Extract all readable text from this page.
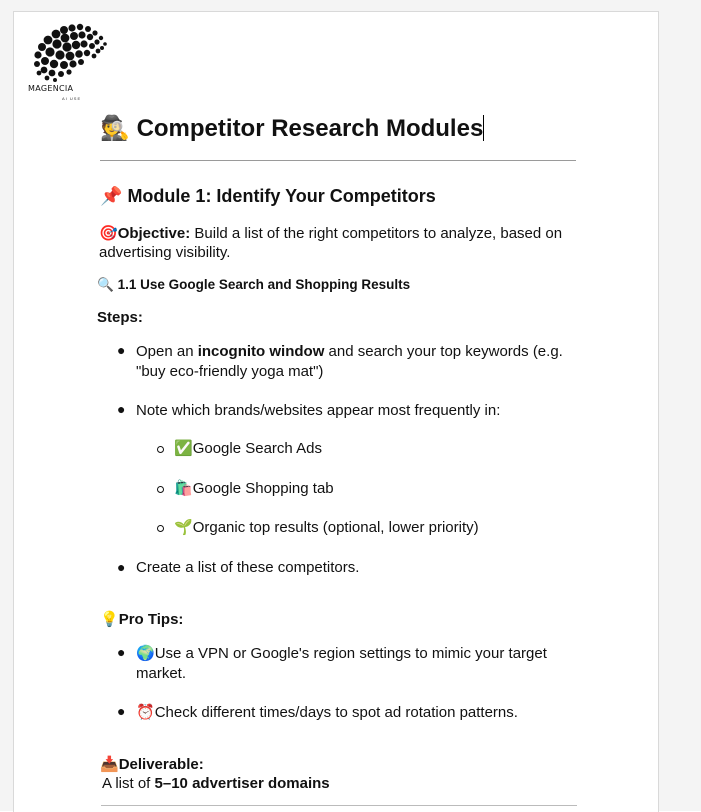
MAGENCIA
AI USE
🕵️ Competitor Research Modules
📌 Module 1: Identify Your Competitors
🎯Objective: Build a list of the right competitors to analyze, based on advertising visibility.
🔍 1.1 Use Google Search and Shopping Results
Steps:
● Open an incognito window and search your top keywords (e.g. "buy eco-friendly yoga mat")
● Note which brands/websites appear most frequently in:
✅Google Search Ads
🛍️Google Shopping tab
🌱Organic top results (optional, lower priority)
● Create a list of these competitors.
💡Pro Tips:
● 🌍Use a VPN or Google's region settings to mimic your target market.
● ⏰Check different times/days to spot ad rotation patterns.
📥Deliverable:
A list of 5–10 advertiser domains
